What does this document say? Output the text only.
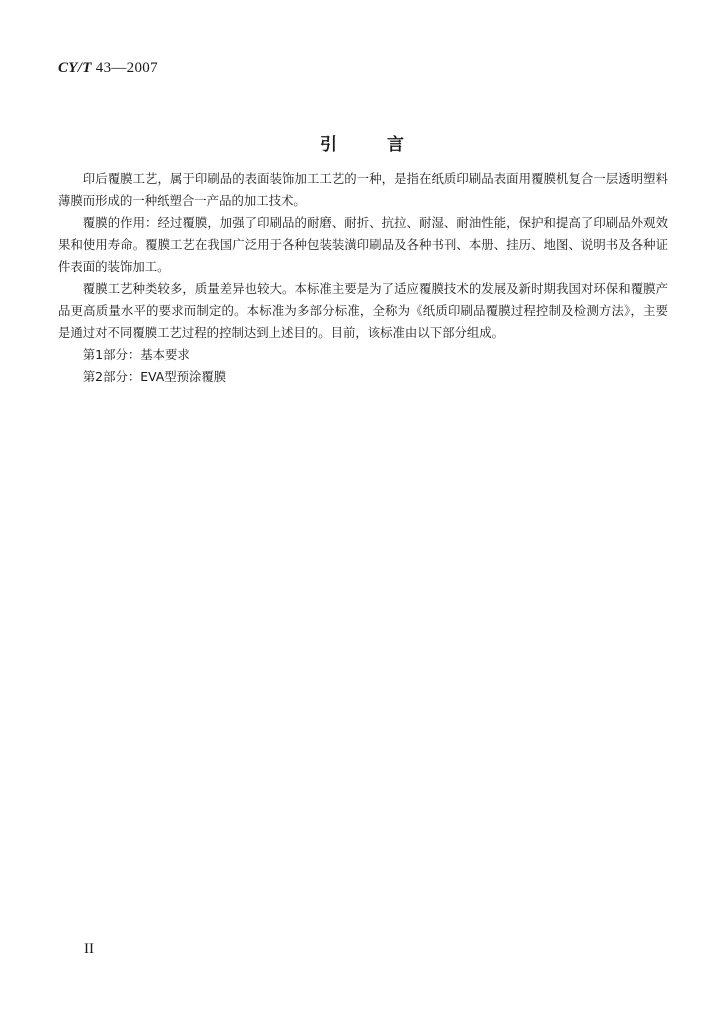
CY/T 43—2007
引 言

印后覆膜工艺，属于印刷品的表面装饰加工工艺的一种，是指在纸质印刷品表面用覆膜机复合一层透明塑料薄膜而形成的一种纸塑合一产品的加工技术。

覆膜的作用：经过覆膜，加强了印刷品的耐磨、耐折、抗拉、耐湿、耐油性能，保护和提高了印刷品外观效果和使用寿命。覆膜工艺在我国广泛用于各种包装装潢印刷品及各种书刊、本册、挂历、地图、说明书及各种证件表面的装饰加工。

覆膜工艺种类较多，质量差异也较大。本标准主要是为了适应覆膜技术的发展及新时期我国对环保和覆膜产品更高质量水平的要求而制定的。本标准为多部分标准，全称为《纸质印刷品覆膜过程控制及检测方法》，主要是通过对不同覆膜工艺过程的控制达到上述目的。目前，该标准由以下部分组成。

第1部分：基本要求
第2部分：EVA型预涂覆膜
II
